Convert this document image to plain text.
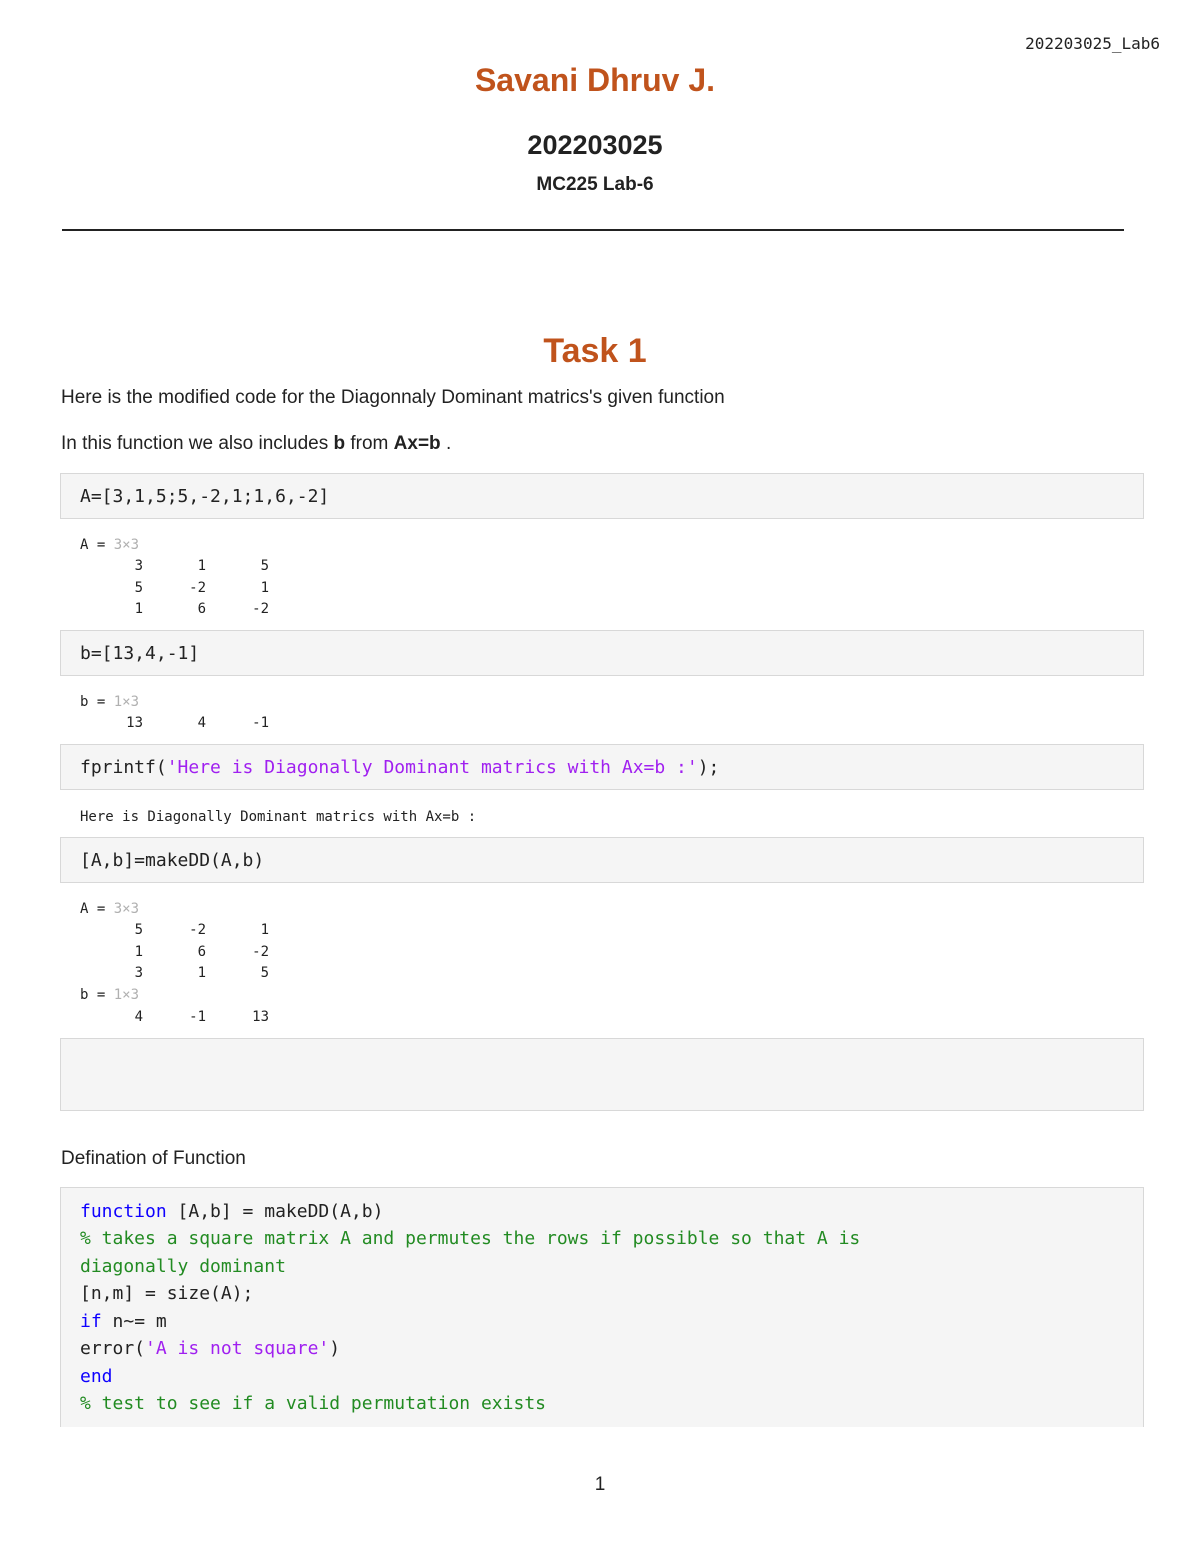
202203025_Lab6
Savani Dhruv J.
202203025
MC225 Lab-6
Task 1
Here is the modified code for the Diagonnaly Dominant matrics's given function
In this function we also includes b from Ax=b .
A=[3,1,5;5,-2,1;1,6,-2]
A = 3×3
3	1	5
5	-2	1
1	6	-2
b=[13,4,-1]
b = 1×3
13	4	-1
fprintf('Here is Diagonally Dominant matrics with Ax=b :');
Here is Diagonally Dominant matrics with Ax=b :
[A,b]=makeDD(A,b)
A = 3×3
5	-2	1
1	6	-2
3	1	5
b = 1×3
4	-1	13
Defination of Function
function [A,b] = makeDD(A,b)
% takes a square matrix A and permutes the rows if possible so that A is
diagonally dominant
[n,m] = size(A);
if n~= m
error('A is not square')
end
% test to see if a valid permutation exists
1
